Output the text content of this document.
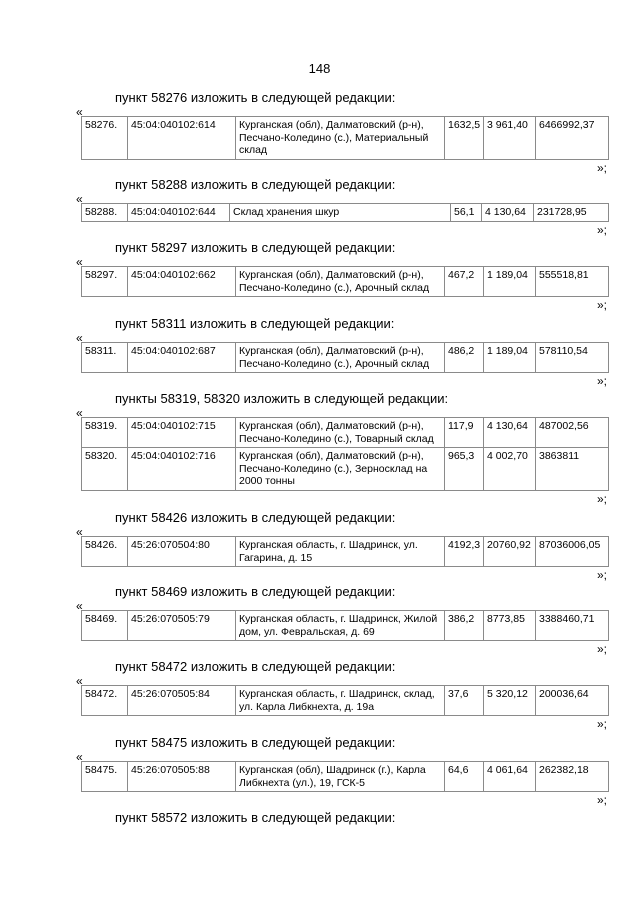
148
пункт 58276 изложить в следующей редакции:
«
58276.	45:04:040102:614	Курганская (обл), Далматовский (р-н), Песчано-Коледино (с.), Материальный склад	1632,5	3 961,40	6466992,37
»;
пункт 58288 изложить в следующей редакции:
«
58288.	45:04:040102:644	Склад хранения шкур	56,1	4 130,64	231728,95
»;
пункт 58297 изложить в следующей редакции:
«
58297.	45:04:040102:662	Курганская (обл), Далматовский (р-н), Песчано-Коледино (с.), Арочный склад	467,2	1 189,04	555518,81
»;
пункт 58311 изложить в следующей редакции:
«
58311.	45:04:040102:687	Курганская (обл), Далматовский (р-н), Песчано-Коледино (с.), Арочный склад	486,2	1 189,04	578110,54
»;
пункты 58319, 58320 изложить в следующей редакции:
«
58319.	45:04:040102:715	Курганская (обл), Далматовский (р-н), Песчано-Коледино (с.), Товарный склад	117,9	4 130,64	487002,56
58320.	45:04:040102:716	Курганская (обл), Далматовский (р-н), Песчано-Коледино (с.), Зерносклад на 2000 тонны	965,3	4 002,70	3863811
»;
пункт 58426 изложить в следующей редакции:
«
58426.	45:26:070504:80	Курганская область, г. Шадринск, ул. Гагарина, д. 15	4192,3	20760,92	87036006,05
»;
пункт 58469 изложить в следующей редакции:
«
58469.	45:26:070505:79	Курганская область, г. Шадринск, Жилой дом, ул. Февральская, д. 69	386,2	8773,85	3388460,71
»;
пункт 58472 изложить в следующей редакции:
«
58472.	45:26:070505:84	Курганская область, г. Шадринск, склад, ул. Карла Либкнехта, д. 19а	37,6	5 320,12	200036,64
»;
пункт 58475 изложить в следующей редакции:
«
58475.	45:26:070505:88	Курганская (обл), Шадринск (г.), Карла Либкнехта (ул.), 19, ГСК-5	64,6	4 061,64	262382,18
»;
пункт 58572 изложить в следующей редакции:
